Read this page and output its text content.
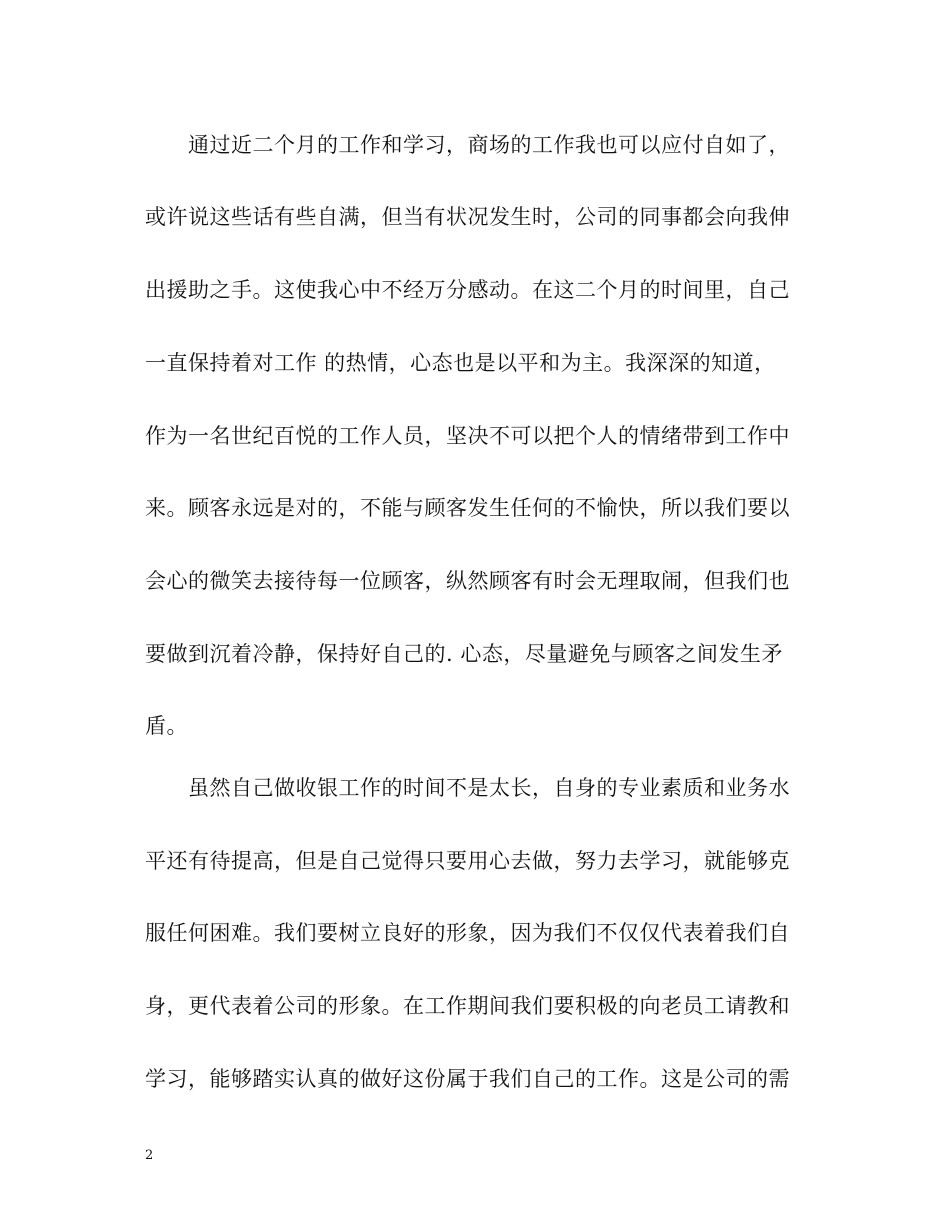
通过近二个月的工作和学习，商场的工作我也可以应付自如了，
或许说这些话有些自满，但当有状况发生时，公司的同事都会向我伸
出援助之手。这使我心中不经万分感动。在这二个月的时间里，自己
一直保持着对工作 的热情，心态也是以平和为主。我深深的知道，
作为一名世纪百悦的工作人员，坚决不可以把个人的情绪带到工作中
来。顾客永远是对的，不能与顾客发生任何的不愉快，所以我们要以
会心的微笑去接待每一位顾客，纵然顾客有时会无理取闹，但我们也
要做到沉着冷静，保持好自己的. 心态，尽量避免与顾客之间发生矛
盾。
虽然自己做收银工作的时间不是太长，自身的专业素质和业务水
平还有待提高，但是自己觉得只要用心去做，努力去学习，就能够克
服任何困难。我们要树立良好的形象，因为我们不仅仅代表着我们自
身，更代表着公司的形象。在工作期间我们要积极的向老员工请教和
学习，能够踏实认真的做好这份属于我们自己的工作。这是公司的需
2
